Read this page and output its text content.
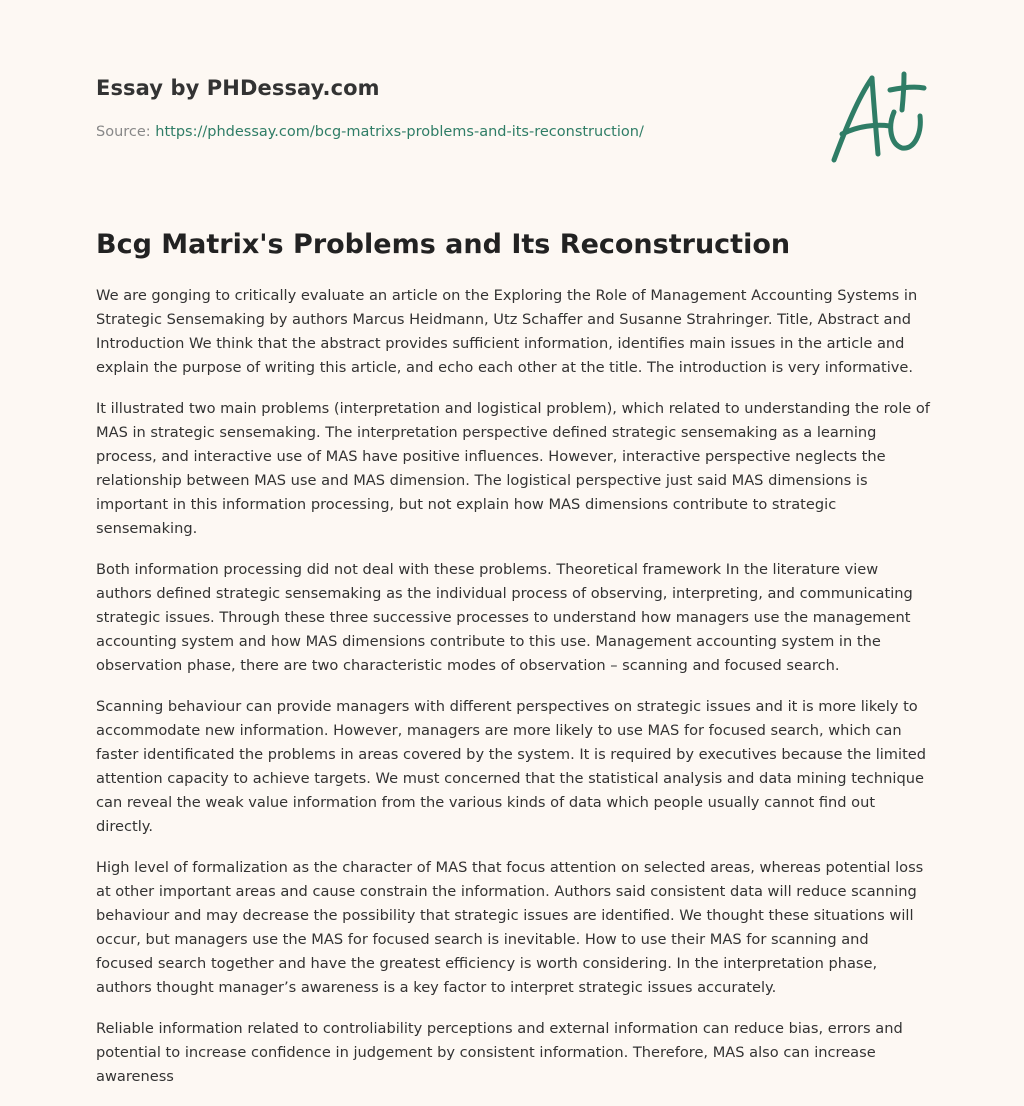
Essay by PHDessay.com
Source: https://phdessay.com/bcg-matrixs-problems-and-its-reconstruction/
Bcg Matrix's Problems and Its Reconstruction

We are gonging to critically evaluate an article on the Exploring the Role of Management Accounting Systems in Strategic Sensemaking by authors Marcus Heidmann, Utz Schaffer and Susanne Strahringer. Title, Abstract and Introduction We think that the abstract provides sufficient information, identifies main issues in the article and explain the purpose of writing this article, and echo each other at the title. The introduction is very informative.

It illustrated two main problems (interpretation and logistical problem), which related to understanding the role of MAS in strategic sensemaking. The interpretation perspective defined strategic sensemaking as a learning process, and interactive use of MAS have positive influences. However, interactive perspective neglects the relationship between MAS use and MAS dimension. The logistical perspective just said MAS dimensions is important in this information processing, but not explain how MAS dimensions contribute to strategic sensemaking.

Both information processing did not deal with these problems. Theoretical framework In the literature view authors defined strategic sensemaking as the individual process of observing, interpreting, and communicating strategic issues. Through these three successive processes to understand how managers use the management accounting system and how MAS dimensions contribute to this use. Management accounting system in the observation phase, there are two characteristic modes of observation – scanning and focused search.

Scanning behaviour can provide managers with different perspectives on strategic issues and it is more likely to accommodate new information. However, managers are more likely to use MAS for focused search, which can faster identificated the problems in areas covered by the system. It is required by executives because the limited attention capacity to achieve targets. We must concerned that the statistical analysis and data mining technique can reveal the weak value information from the various kinds of data which people usually cannot find out directly.

High level of formalization as the character of MAS that focus attention on selected areas, whereas potential loss at other important areas and cause constrain the information. Authors said consistent data will reduce scanning behaviour and may decrease the possibility that strategic issues are identified. We thought these situations will occur, but managers use the MAS for focused search is inevitable. How to use their MAS for scanning and focused search together and have the greatest efficiency is worth considering. In the interpretation phase, authors thought manager’s awareness is a key factor to interpret strategic issues accurately.

Reliable information related to controliability perceptions and external information can reduce bias, errors and potential to increase confidence in judgement by consistent information. Therefore, MAS also can increase awareness
